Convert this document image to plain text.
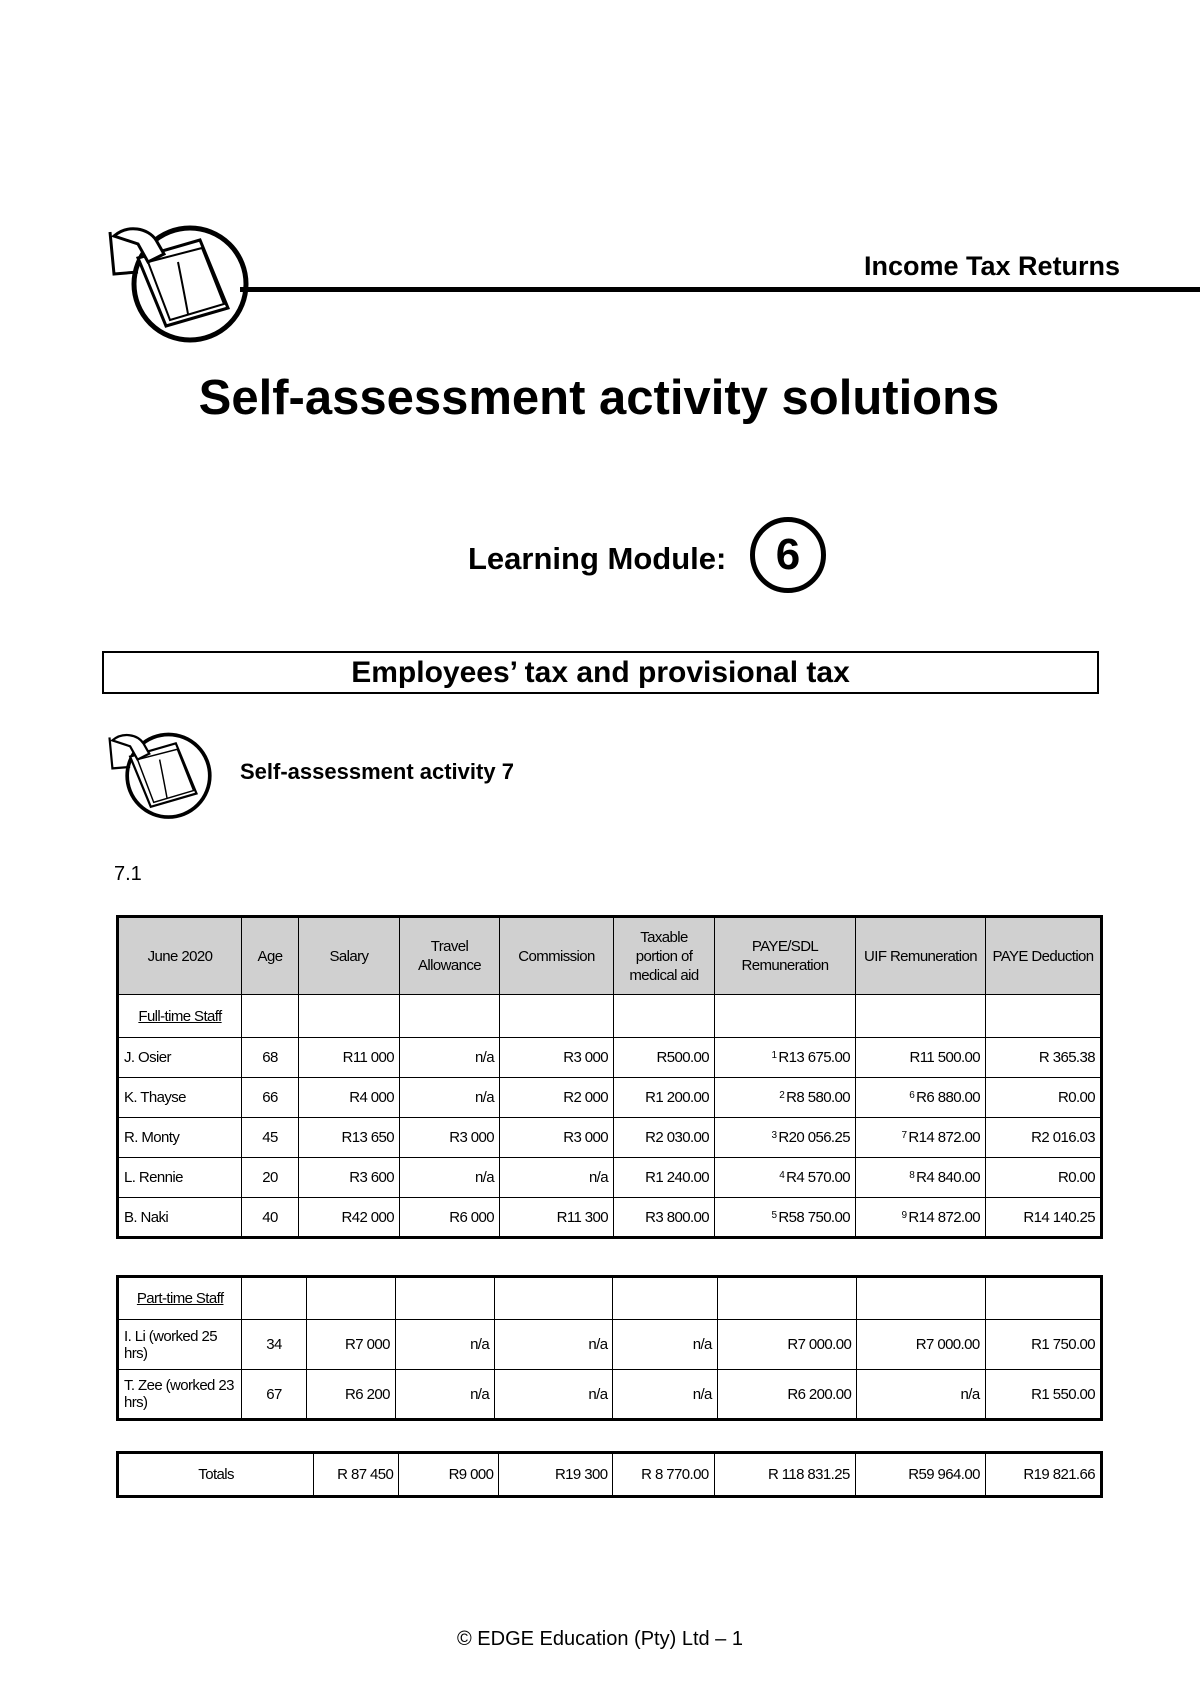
Income Tax Returns
Self-assessment activity solutions
Learning Module:	6
Employees’ tax and provisional tax
Self-assessment activity 7
7.1
June 2020	Age	Salary	Travel Allowance	Commission	Taxable portion of medical aid	PAYE/SDL Remuneration	UIF Remuneration	PAYE Deduction
Full-time Staff								
J. Osier	68	R11 000	n/a	R3 000	R500.00	$^1$ R13 675.00	R11 500.00	R 365.38
K. Thayse	66	R4 000	n/a	R2 000	R1 200.00	$^2$ R8 580.00	$^6$ R6 880.00	R0.00
R. Monty	45	R13 650	R3 000	R3 000	R2 030.00	$^3$ R20 056.25	$^7$ R14 872.00	R2 016.03
L. Rennie	20	R3 600	n/a	n/a	R1 240.00	$^4$ R4 570.00	$^8$ R4 840.00	R0.00
B. Naki	40	R42 000	R6 000	R11 300	R3 800.00	$^5$ R58 750.00	$^9$ R14 872.00	R14 140.25
Part-time Staff								
I. Li (worked 25 hrs)	34	R7 000	n/a	n/a	n/a	R7 000.00	R7 000.00	R1 750.00
T. Zee (worked 23 hrs)	67	R6 200	n/a	n/a	n/a	R6 200.00	n/a	R1 550.00
Totals	R 87 450	R9 000	R19 300	R 8 770.00	R 118 831.25	R59 964.00	R19 821.66
© EDGE Education (Pty) Ltd – 1
